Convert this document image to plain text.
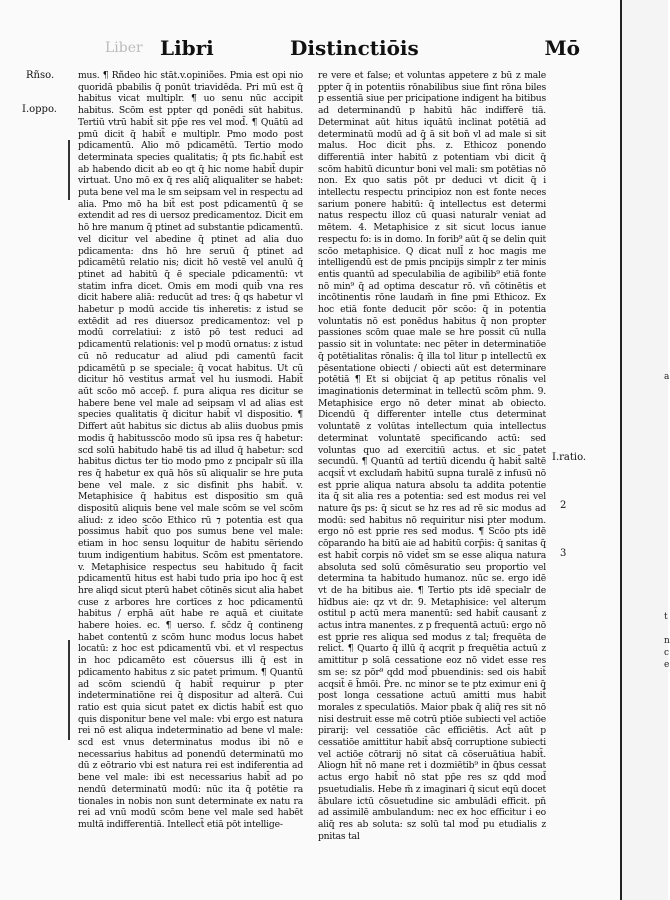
Liber Libri	Distinctiōis	Mō
Rñso.
I.oppo.

mus. ¶ Rñdeo hic stāt.v.opiniões. Pmia est opi nio quoridā pbabilis q̄ ponūt triavidēda. Pri mū est q̄ habitus vicat multiplr. ¶ uo senu nūc accipit habitus. Scōm est ppter qd ponēdi sūt habitus. Tertiū vtrū habit̄ sit pp̄e res vel mod̄. ¶ Quātū ad pmū dicit q̄ habit̄ e multiplr. Pmo modo post pdicamentū. Alio mō pdicamētū. Tertio modo determinata species qualitatis; q̄ pts fic.habit̄ est ab habendo dicit ab eo qt q̄ hic nome habit̄ dupir virtuat. Uno mō ex q̄ res aliq̄ aliqualiter se habet: puta bene vel ma le sm seipsam vel in respectu ad alia. Pmo mō ha bit̄ est post pdicamentū q̄ se extendit ad res di uersoz predicamentoz. Dicit em hō hre manum q̄ ptinet ad substantie pdicamentū. vel dicitur vel abedine q̄ ptinet ad alia duo pdicamenta: dns hō hre seruū q̄ ptinet ad pdicamētū relatio nis; dicit hō vestē vel anulū q̄ ptinet ad habitū q̄ ē speciale pdicamentū: vt statim infra dicet. Omis em modi quib̄ vna res dicit habere aliā: reducūt ad tres: q̄ qs habetur vl habetur p modū accide tis inheretis: z istud se extēdit ad res diuersoz predicamentoz: vel p modū correlatiui: z istō pō test reduci ad pdicamentū relationis: vel p modū ornatus: z istud cū nō reducatur ad aliud pdi camentū facit pdicamētū p se speciale: q̄ vocat habitus. Ut cū dicitur hō vestitus armat̄ vel hu iusmodi. Habit̄ aūt scōo mō accep̄. f. pura aliqua res dicitur se habere bene vel male ad seipsam vl ad alias est species qualitatis q̄ dicitur habit̄ vl dispositio. ¶ Differt aūt habitus sic dictus ab aliis duobus pmis modis q̄ habitusscōo modo sū ipsa res q̄ habetur: scd solū habitudo habē tis ad illud q̄ habetur: scd habitus dictus ter tio modo pmo z pncipalr sū illa res q̄ habetur ex quā hōs sū aliqualir se hre puta bene vel male. z sic disfinit phs habit̄. v. Metaphisice q̄ habitus est dispositio sm quā dispositū aliquis bene vel male scōm se vel scōm aliud: z ideo scōo Ethico rū ⁊ potentia est qua possimus habit̄ quo pos sumus bene vel male: etiam in hoc sensu loquitur de habitu sēriendo tuum indigentium habitus. Scōm est pmentatore. v. Metaphisice respectus seu habitudo q̄ facit pdicamentū hitus est habi tudo pria ipo hoc q̄ est hre aliqd sicut pterū habet cōtinēs sicut alia habet cuse z arbores hre cortīces z hoc pdicamentū habitus / erphā aūt habe re aquā et ciuitate habere hoies. ec. ¶ uerso. f. sc̄dz q̄ contineng habet contentū z scōm hunc modus locus habet locatū: z hoc est pdicamentū vbi. et vl respectus in hoc pdicamēto est cōuersus illi q̄ est in pdicamento habitus z sic patet primum. ¶ Quantū ad scōm sciendū q̄ habit̄ requirur p pter indeterminatiōne rei q̄ dispositur ad alterā. Cui ratio est quia sicut patet ex dictis habit̄ est quo quis disponitur bene vel male: vbi ergo est natura rei nō est aliqua indeterminatio ad bene vl male: scd est vnus determinatus modus ibi nō e necessarius habitus ad ponendū determinatū mo dū z eōtrario vbi est natura rei est indiferentia ad bene vel male: ibi est necessarius habit̄ ad po nendū determinatū modū: nūc ita q̄ potētie ra tionales in nobis non sunt determinate ex natu ra rei ad vnū modū scōm bene vel male sed habēt multā indifferentiā. Intellect̄ etiā pōt intellige-

re vere et false; et voluntas appetere z bū z male ppter q̄ in potentiis rōnabilibus siue fint rōna biles p essentiā siue per pricipatione indigent ha bitibus ad determinandū p habitū hāc indifferē tiā. Determinat aūt hitus iquātū inclinat potētiā ad determinatū modū ad q̄ ā sit bon̄ vl ad male si sit malus. Hoc dicit ph̄s. z. Ethicoz ponendo differentiā inter habitū z potentiam vbi dicit q̄ scōm habitū dicuntur boni vel mali: sm potētias nō non. Ex quo satis pōt pr deduci vt dicit q̄ i intellectu respectu principioz non est fonte neces sarium ponere habitū: q̄ intellectus est determi natus respectu illoz cū quasi naturalr veniat ad mētem. 4. Metaphisice z sit sicut locus ianue respectu fo: is in domo. In forib⁹ aūt q̄ se delin quit scōo metaphisice. Q dicat null̄ z hoc magis me intelligendū est de pmis pncipijs simplr z ter minis entis quantū ad speculabilia de agibilib⁹ etiā fonte nō min⁹ q̄ ad optima descatur rō. vñ cōtinētis et incōtinentis rōne laudam̄ in fine pmi Ethicoz. Ex hoc etiā fonte deducit pōr scōo: q̄ in potentia voluntatis nō est ponēdus habitus q̄ non propter passiones scōm quae male se hre possit cū nulla passio sit in voluntate: nec pēter in determinatiōe q̄ potētialitas rōnalis: q̄ illa tol litur p intellectū ex pēsentatione obiecti / obiecti aūt est determinare potētiā ¶ Et si obijciat q̄ ap petitus rōnalis vel imaginationis determinat in tellectū scōm phm. 9. Metaphisice ergo nō deter minat ab obiecto. Dicendū q̄ differenter intelle ctus determinat voluntatē z volūtas intellectum quia intellectus determinat voluntatē specificando actū: sed voluntas quo ad exercitiū actus. et sic patet secundū. ¶ Quantū ad tertiū dicendu q̄ habit̄ saltē acqsit̄ vt excludam̄ habitū supna turalē z infusū nō est pprie aliqua natura absolu ta addita potentie ita q̄ sit alia res a potentia: sed est modus rei vel nature q̄s ps: q̄ sicut se hz res ad rē sic modus ad modū: sed habitus nō requiritur nisi pter modum. ergo nō est pprie res sed modus. ¶ Scōo pts idē cōparando ha bitū aie ad habitū corp̄is: q̄ sanitas q̄ est habit̄ corpis nō videt̄ sm se esse aliqua natura absoluta sed solū cōmēsuratio seu proportio vel determina ta habitudo humanoz. nūc se. ergo idē vt de ha bitibus aie. ¶ Tertio pts idē specialr de hīdbus aie: qz vt dr. 9. Metaphisice: vel alterum ostitul p actū mera manentū: sed habit̄ causant̄ z actus intra manentes. z p frequentā actuū: ergo nō est pprie res aliqua sed modus z tal; frequēta de relict̄. ¶ Quarto q̄ illū q̄ acqrit p frequētia actuū z amittitur p solā cessatione eoz nō videt esse res sm se: sz pōr⁹ qdd mod̄ pbuendinis: sed ois habit̄ acqsit̄ ē h̄mōi. Ṗre. nc minor se te ptz eximur eni q̄ post longa cessatione actuū amitti mus habit̄ morales z speculatiōs. Maior pbak q̄ aliq̄ res sit nō nisi destruit esse mē cotrū ptiōe subiecti vel actiōe pirarij: vel cessatiōe cāc efficiētis. Act̄ aūt p cessatiōe amittitur habit̄ absq̄ corruptione subiecti vel actiōe cōtrarij nō sitat cā cōseruātiua habit̄. Aliogn hīt̄ nō mane ret i dozmiētib⁹ in q̄bus cessat actus ergo habit̄ nō stat pp̄e res sz qdd mod̄ psuetudialis. Hebe m̄ z imaginari q̄ sicut eqū docet ābulare ictū cōsuetudine sic ambulādi efficit. pn̄ ad assimilē ambulandum: nec ex hoc efficitur i eo aliq̄ res ab soluta: sz solū tal mod̄ pu etudialis z pnitas tal

I.ratio.
2
3
a
t
n
c
e
